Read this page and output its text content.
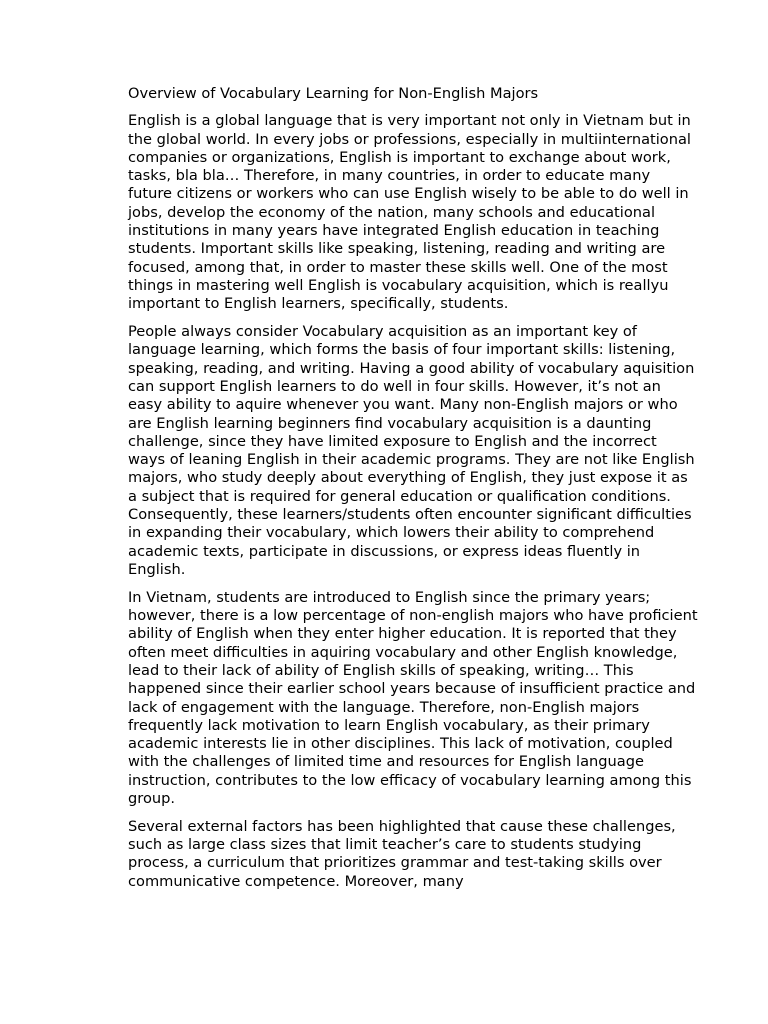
Overview of Vocabulary Learning for Non-English Majors

English is a global language that is very important not only in Vietnam but in the global world. In every jobs or professions, especially in multiinternational companies or organizations, English is important to exchange about work, tasks, bla bla… Therefore, in many countries, in order to educate many future citizens or workers who can use English wisely to be able to do well in jobs, develop the economy of the nation, many schools and educational institutions in many years have integrated English education in teaching students. Important skills like speaking, listening, reading and writing are focused, among that, in order to master these skills well. One of the most things in mastering well English is vocabulary acquisition, which is reallyu important to English learners, specifically, students.

People always consider Vocabulary acquisition as an important key of language learning, which forms the basis of four important skills: listening, speaking, reading, and writing. Having a good ability of vocabulary aquisition can support English learners to do well in four skills. However, it’s not an easy ability to aquire whenever you want. Many non-English majors or who are English learning beginners find vocabulary acquisition is a daunting challenge, since they have limited exposure to English and the incorrect ways of leaning English in their academic programs. They are not like English majors, who study deeply about everything of English, they just expose it as a subject that is required for general education or qualification conditions. Consequently, these learners/students often encounter significant difficulties in expanding their vocabulary, which lowers their ability to comprehend academic texts, participate in discussions, or express ideas fluently in English.

In Vietnam, students are introduced to English since the primary years; however, there is a low percentage of non-english majors who have proficient ability of English when they enter higher education. It is reported that they often meet difficulties in aquiring vocabulary and other English knowledge, lead to their lack of ability of English skills of speaking, writing… This happened since their earlier school years because of insufficient practice and lack of engagement with the language. Therefore, non-English majors frequently lack motivation to learn English vocabulary, as their primary academic interests lie in other disciplines. This lack of motivation, coupled with the challenges of limited time and resources for English language instruction, contributes to the low efficacy of vocabulary learning among this group.

Several external factors has been highlighted that cause these challenges, such as large class sizes that limit teacher’s care to students studying process, a curriculum that prioritizes grammar and test-taking skills over communicative competence. Moreover, many
